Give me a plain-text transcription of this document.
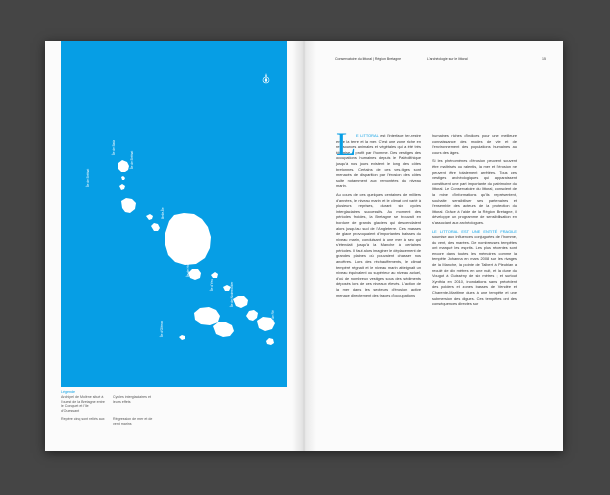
Île de Bréhat
Île de Batz
Île de Bréhat
Belle-Île
Île d'Houat
Île de Hoëdic
Île d'Yeu	Île de Noirmoutier
Île de Ré
Île d'Oléron
Légende
Archipel de Molène situé à l'ouest de la Bretagne entre le Conquet et l'île d'Ouessant
Cycles interglaciaires et leurs effets
Repère cinq sont reliés aux	Régression de mer et de vent marins
Conservatoire du littoral | Région Bretagne	L'archéologie sur le littoral	15
L E LITTORAL est l'interface ter-restre entre la terre et la mer. C'est une zone riche en res-sources animales et végétales qui a été très tôt mise à profit par l'homme. Des vestiges des occupations humaines depuis le Paléolithique jusqu'à nos jours existent le long des côtes bretonnes. Certains de ces ves-tiges sont menacés de disparition par l'érosion des côtes suite notamment aux remontées du niveau marin.

Au cours de ces quelques centaines de milliers d'années, le niveau marin et le climat ont varié à plusieurs reprises, durant six cycles interglaciaires successifs. Au moment des périodes froides, la Bretagne se trouvait en bordure de grands glaciers qui descendaient alors jusqu'au sud de l'Angleterre. Ces masses de glace provoquaient d'importantes baisses du niveau marin, conduisant à une mer à sec qui s'étendait jusqu'à la Manche à certaines périodes. Il faut alors imaginer le déplacement de grandes plaines où pouvaient chasser nos ancêtres. Lors des réchauffements, le climat tempéré régnait et le niveau marin atteignait un niveau équivalent ou supérieur au niveau actuel, d'où de nombreux vestiges sous des sédiments déposés lors de ces niveaux élevés. L'action de la mer dans les secteurs d'érosion active menace directement des traces d'occupations

humaines riches d'indices pour une meilleure connaissance des modes de vie et de l'environnement des populations humaines au cours des âges.

Si les phénomènes d'érosion peuvent souvent être maîtrisés ou ralentis, la mer et l'érosion ne peuvent être totalement arrêtées. Tous ces vestiges archéologiques qui apparaissent constituent une part importante du patrimoine du littoral. Le Conservatoire du littoral, conscient de la mine d'informations qu'ils représentent, souhaite sensibiliser ses partenaires et l'ensemble des acteurs de la protection du littoral. Grâce à l'aide de la Région Bretagne, il développe un programme de sensibilisation en s'associant aux archéologues.

LE LITTORAL EST UNE ENTITÉ FRAGILE soumise aux influences conjuguées de l'homme, du vent, des marées. De nombreuses tempêtes ont marqué les esprits. Les plus récentes sont encore dans toutes les mémoires comme la tempête Johanna en mars 2008 sur les rivages de la Manche, la pointe de Talbert à Pleubian a reculé de dix mètres en une nuit, et la dune du Vougot à Guissény de six mètres ; et surtout Xynthia en 2010, inondations sans précédent des polders et zones basses de Vendée et Charente-Maritime dues à une tempête et une submersion des digues. Ces tempêtes ont des conséquences directes sur
